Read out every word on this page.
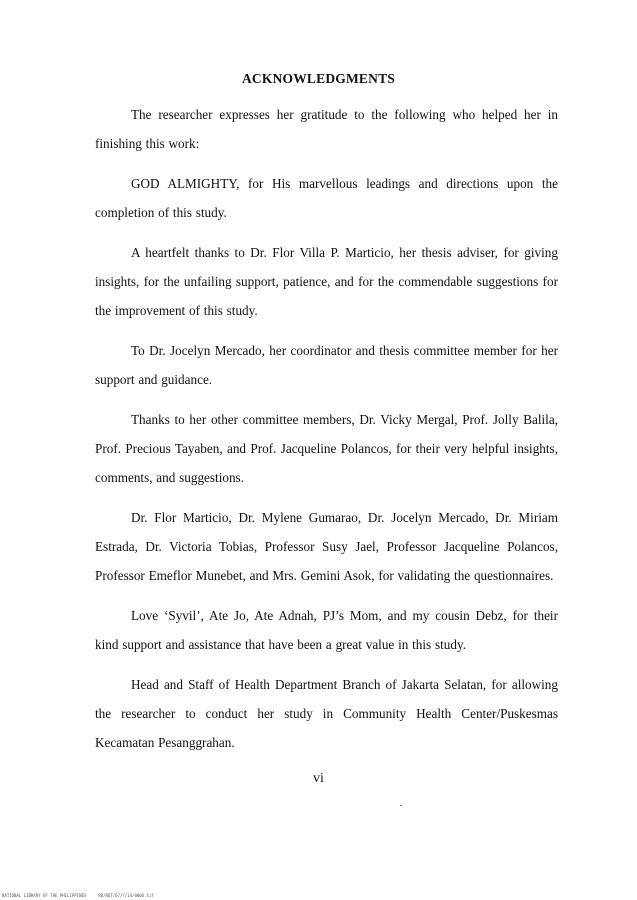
ACKNOWLEDGMENTS

The researcher expresses her gratitude to the following who helped her in finishing this work:

GOD ALMIGHTY, for His marvellous leadings and directions upon the completion of this study.

A heartfelt thanks to Dr. Flor Villa P. Marticio, her thesis adviser, for giving insights, for the unfailing support, patience, and for the commendable suggestions for the improvement of this study.

To Dr. Jocelyn Mercado, her coordinator and thesis committee member for her support and guidance.

Thanks to her other committee members, Dr. Vicky Mergal, Prof. Jolly Balila, Prof. Precious Tayaben, and Prof. Jacqueline Polancos, for their very helpful insights, comments, and suggestions.

Dr. Flor Marticio, Dr. Mylene Gumarao, Dr. Jocelyn Mercado, Dr. Miriam Estrada, Dr. Victoria Tobias, Professor Susy Jael, Professor Jacqueline Polancos, Professor Emeflor Munebet, and Mrs. Gemini Asok, for validating the questionnaires.

Love ‘Syvil’, Ate Jo, Ate Adnah, PJ’s Mom, and my cousin Debz, for their kind support and assistance that have been a great value in this study.

Head and Staff of Health Department Branch of Jakarta Selatan, for allowing the researcher to conduct her study in Community Health Center/Puskesmas Kecamatan Pesanggrahan.

vi

NATIONAL LIBRARY OF THE PHILIPPINES     RD/RDT/07/7/14/0006.tif
